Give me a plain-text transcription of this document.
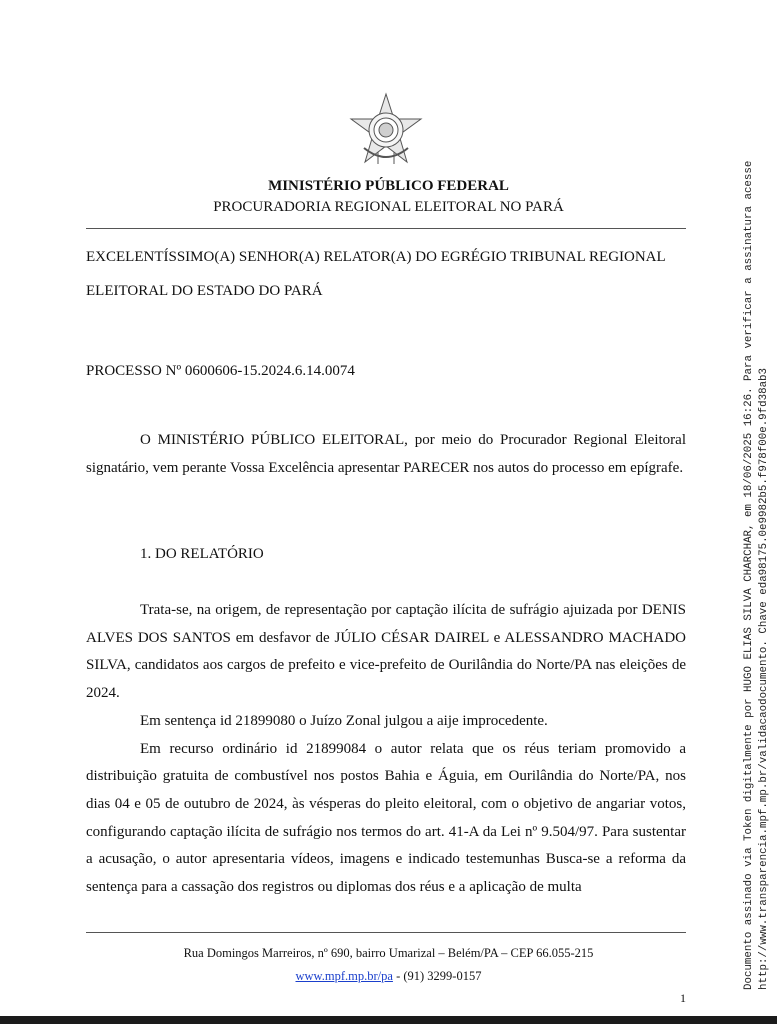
MINISTÉRIO PÚBLICO FEDERAL
PROCURADORIA REGIONAL ELEITORAL NO PARÁ
EXCELENTÍSSIMO(A) SENHOR(A) RELATOR(A) DO EGRÉGIO TRIBUNAL REGIONAL
ELEITORAL DO ESTADO DO PARÁ
PROCESSO Nº 0600606-15.2024.6.14.0074

O MINISTÉRIO PÚBLICO ELEITORAL, por meio do Procurador Regional Eleitoral signatário, vem perante Vossa Excelência apresentar PARECER nos autos do processo em epígrafe.

1. DO RELATÓRIO

Trata-se, na origem, de representação por captação ilícita de sufrágio ajuizada por DENIS ALVES DOS SANTOS em desfavor de JÚLIO CÉSAR DAIREL e ALESSANDRO MACHADO SILVA, candidatos aos cargos de prefeito e vice-prefeito de Ourilândia do Norte/PA nas eleições de 2024.

Em sentença id 21899080 o Juízo Zonal julgou a aije improcedente.

Em recurso ordinário id 21899084 o autor relata que os réus teriam promovido a distribuição gratuita de combustível nos postos Bahia e Águia, em Ourilândia do Norte/PA, nos dias 04 e 05 de outubro de 2024, às vésperas do pleito eleitoral, com o objetivo de angariar votos, configurando captação ilícita de sufrágio nos termos do art. 41-A da Lei nº 9.504/97. Para sustentar a acusação, o autor apresentaria vídeos, imagens e indicado testemunhas Busca-se a reforma da sentença para a cassação dos registros ou diplomas dos réus e a aplicação de multa

Rua Domingos Marreiros, nº 690, bairro Umarizal – Belém/PA – CEP 66.055-215
www.mpf.mp.br/pa - (91) 3299-0157
1
Documento assinado via Token digitalmente por HUGO ELIAS SILVA CHARCHAR, em 18/06/2025 16:26. Para verificar a assinatura acesse http://www.transparencia.mpf.mp.br/validacaodocumento. Chave eda98175.0e9982b5.f978f00e.9fd38ab3
